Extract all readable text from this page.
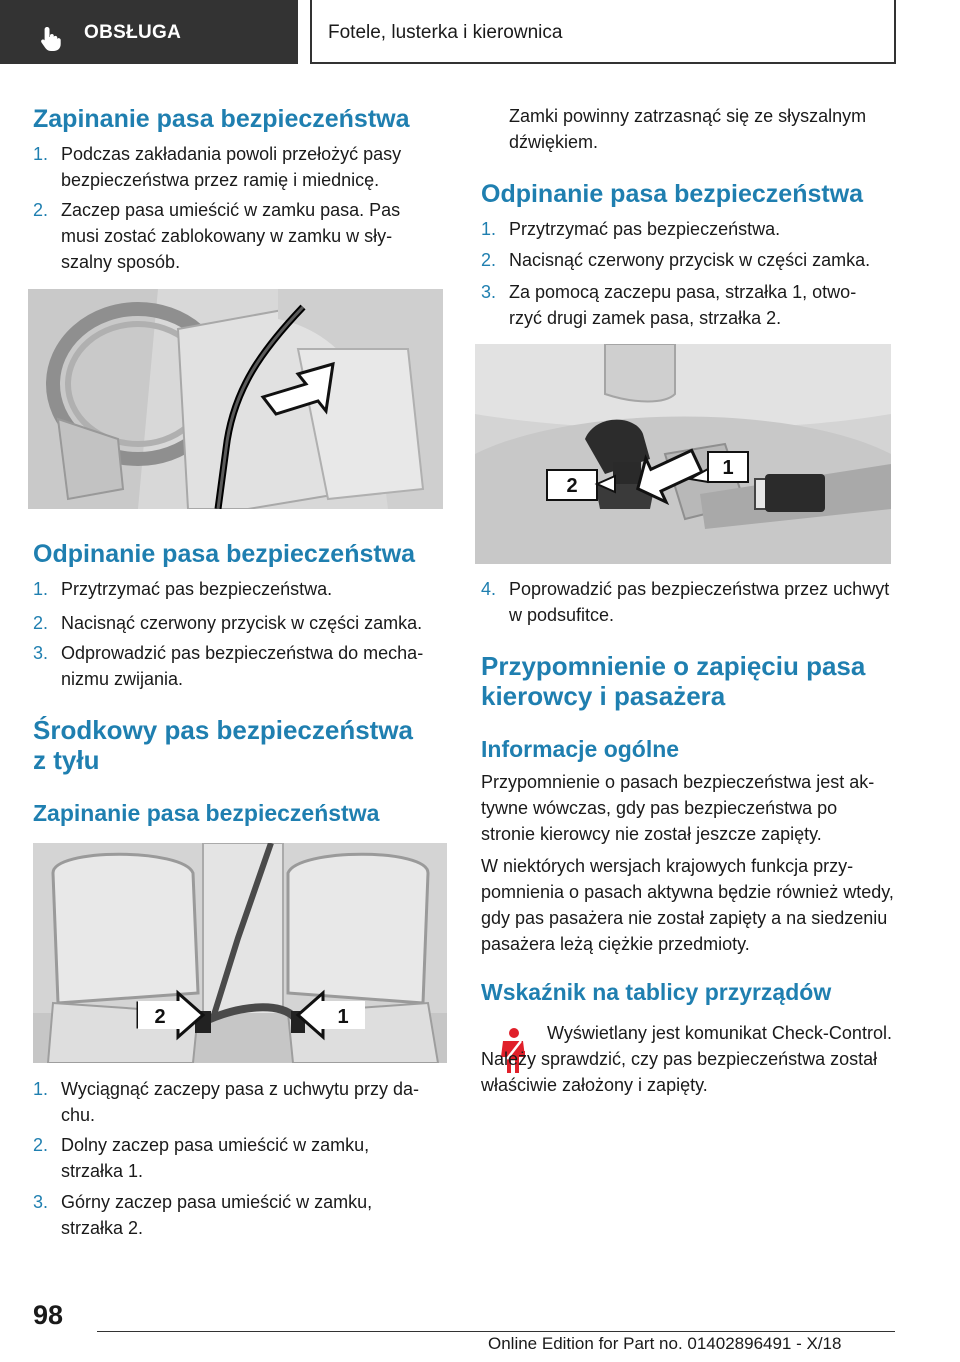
OBSŁUGA	Fotele, lusterka i kierownica
Zapinanie pasa bezpieczeństwa
1. Podczas zakładania powoli przełożyć pasy bezpieczeństwa przez ramię i miednicę.
2. Zaczep pasa umieścić w zamku pasa. Pas musi zostać zablokowany w zamku w słyszalny sposób.
Odpinanie pasa bezpieczeństwa
1. Przytrzymać pas bezpieczeństwa.
2. Nacisnąć czerwony przycisk w części zamka.
3. Odprowadzić pas bezpieczeństwa do mechanizmu zwijania.
Środkowy pas bezpieczeństwa z tyłu
Zapinanie pasa bezpieczeństwa
2	1
1. Wyciągnąć zaczepy pasa z uchwytu przy dachu.
2. Dolny zaczep pasa umieścić w zamku, strzałka 1.
3. Górny zaczep pasa umieścić w zamku, strzałka 2.
Zamki powinny zatrzasnąć się ze słyszalnym dźwiękiem.
Odpinanie pasa bezpieczeństwa
1. Przytrzymać pas bezpieczeństwa.
2. Nacisnąć czerwony przycisk w części zamka.
3. Za pomocą zaczepu pasa, strzałka 1, otworzyć drugi zamek pasa, strzałka 2.
2
1
4. Poprowadzić pas bezpieczeństwa przez uchwyt w podsufitce.
Przypomnienie o zapięciu pasa kierowcy i pasażera
Informacje ogólne
Przypomnienie o pasach bezpieczeństwa jest aktywne wówczas, gdy pas bezpieczeństwa po stronie kierowcy nie został jeszcze zapięty.
W niektórych wersjach krajowych funkcja przypomnienia o pasach aktywna będzie również wtedy, gdy pas pasażera nie został zapięty a na siedzeniu pasażera leżą ciężkie przedmioty.
Wskaźnik na tablicy przyrządów
Wyświetlany jest komunikat Check-Control. Należy sprawdzić, czy pas bezpieczeństwa został właściwie założony i zapięty.
98
Online Edition for Part no. 01402896491 - X/18
